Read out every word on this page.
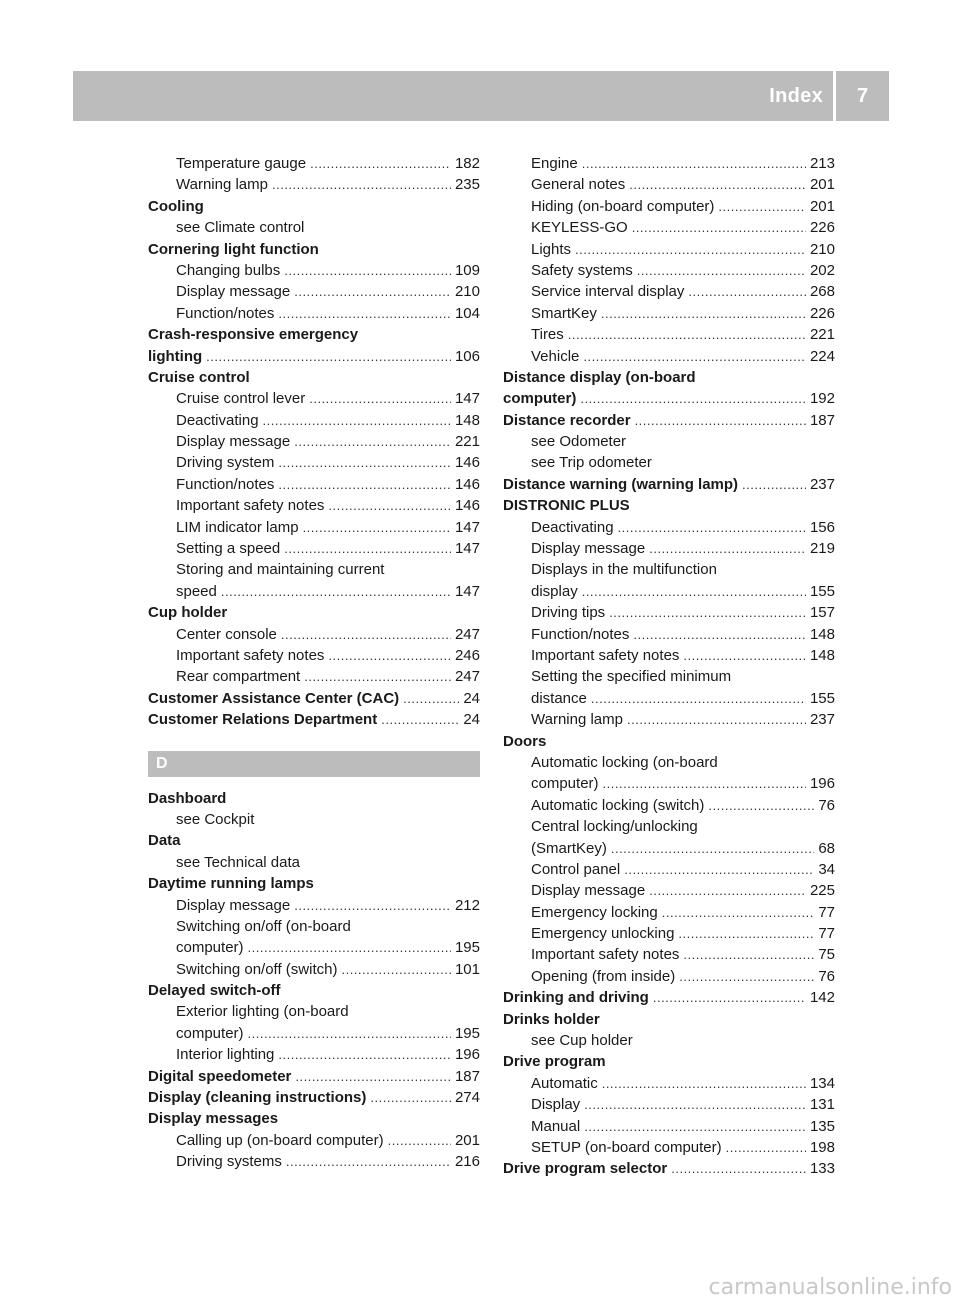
Index	7
Temperature gauge .....	182
Warning lamp .....	235
Cooling
see Climate control
Cornering light function
Changing bulbs .....	109
Display message .....	210
Function/notes .....	104
Crash-responsive emergency
lighting .....	106
Cruise control
Cruise control lever .....	147
Deactivating .....	148
Display message .....	221
Driving system .....	146
Function/notes .....	146
Important safety notes .....	146
LIM indicator lamp .....	147
Setting a speed .....	147
Storing and maintaining current
speed .....	147
Cup holder
Center console .....	247
Important safety notes .....	246
Rear compartment .....	247
Customer Assistance Center (CAC) .....	24
Customer Relations Department .....	24
D
Dashboard
see Cockpit
Data
see Technical data
Daytime running lamps
Display message .....	212
Switching on/off (on-board
computer) .....	195
Switching on/off (switch) .....	101
Delayed switch-off
Exterior lighting (on-board
computer) .....	195
Interior lighting .....	196
Digital speedometer .....	187
Display (cleaning instructions) .....	274
Display messages
Calling up (on-board computer) .....	201
Driving systems .....	216
Engine .....	213
General notes .....	201
Hiding (on-board computer) .....	201
KEYLESS-GO .....	226
Lights .....	210
Safety systems .....	202
Service interval display .....	268
SmartKey .....	226
Tires .....	221
Vehicle .....	224
Distance display (on-board
computer) .....	192
Distance recorder .....	187
see Odometer
see Trip odometer
Distance warning (warning lamp) .....	237
DISTRONIC PLUS
Deactivating .....	156
Display message .....	219
Displays in the multifunction
display .....	155
Driving tips .....	157
Function/notes .....	148
Important safety notes .....	148
Setting the specified minimum
distance .....	155
Warning lamp .....	237
Doors
Automatic locking (on-board
computer) .....	196
Automatic locking (switch) .....	76
Central locking/unlocking
(SmartKey) .....	68
Control panel .....	34
Display message .....	225
Emergency locking .....	77
Emergency unlocking .....	77
Important safety notes .....	75
Opening (from inside) .....	76
Drinking and driving .....	142
Drinks holder
see Cup holder
Drive program
Automatic .....	134
Display .....	131
Manual .....	135
SETUP (on-board computer) .....	198
Drive program selector .....	133
carmanualsonline.info
